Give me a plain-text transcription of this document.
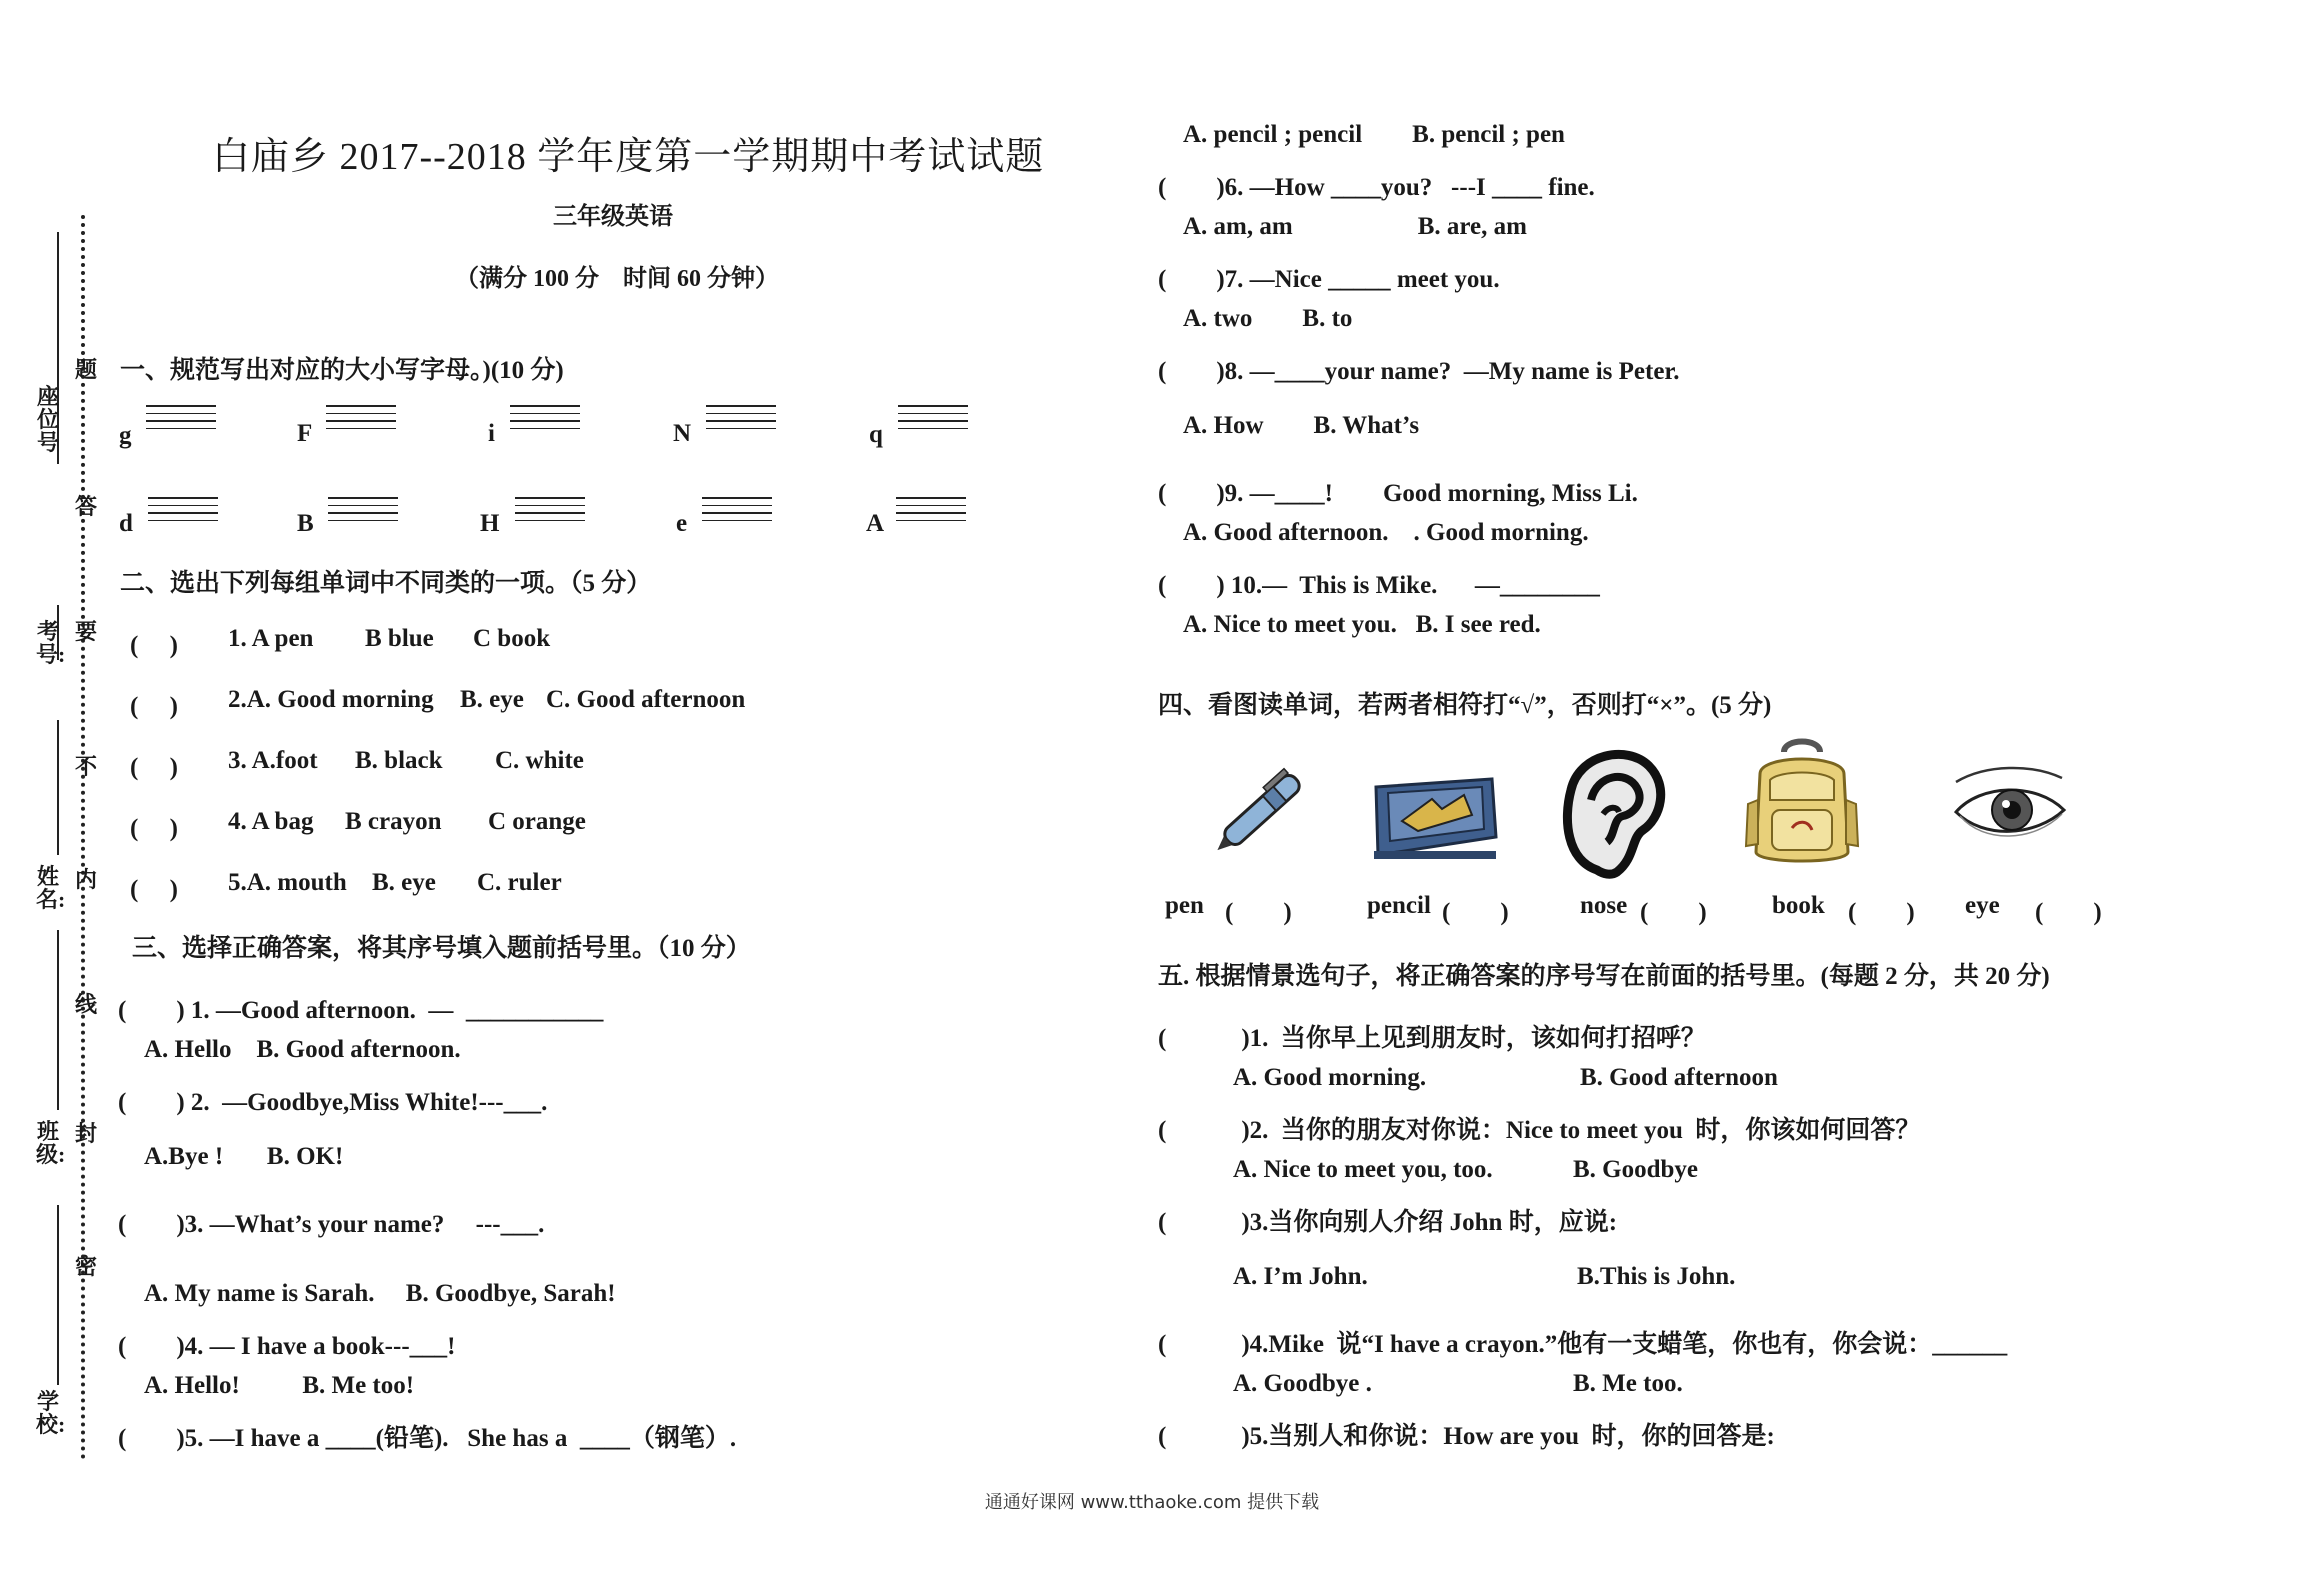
座位号
考号:
姓名:
班级:
学校:
题
答
要
不
内
线
封
密
白庙乡 2017--2018 学年度第一学期期中考试试题
三年级英语
（满分 100 分　时间 60 分钟）
一、规范写出对应的大小写字母。)(10 分)
g	F	i	N	q
d	B	H	e	A
二、选出下列每组单词中不同类的一项。（5 分）
(　 ) 1. A pen B blue C book
(　 ) 2.A. Good morning B. eye C. Good afternoon
(　 ) 3. A.foot B. black C. white
(　 ) 4. A bag B crayon C orange
(　 ) 5.A. mouth B. eye C. ruler
三、选择正确答案，将其序号填入题前括号里。（10 分）
(　　) 1. —Good afternoon.  —  ___________
A. Hello    B. Good afternoon.
(　　) 2.  —Goodbye,Miss White!---___.
A.Bye !       B. OK!
(　　)3. —What’s your name?     ---___.
A. My name is Sarah.     B. Goodbye, Sarah!
(　　)4. — I have a book---___!
A. Hello!          B. Me too!
(　　)5. —I have a ____(铅笔).   She has a  ____（钢笔）.
A. pencil ; pencil        B. pencil ; pen
(　　)6. —How ____you?   ---I ____ fine.
A. am, am                    B. are, am
(　　)7. —Nice _____ meet you.
A. two        B. to
(　　)8. —____your name?  —My name is Peter.
A. How        B. What’s
(　　)9. —____!        Good morning, Miss Li.
A. Good afternoon.    . Good morning.
(　　) 10.—  This is Mike.      —________
A. Nice to meet you.   B. I see red.
四、看图读单词，若两者相符打“√”，否则打“×”。(5 分)
pen (　　)	pencil (　　)	nose (　　)	book (　　) eye (　　)
五. 根据情景选句子，将正确答案的序号写在前面的括号里。(每题 2 分，共 20 分)
(　　　)1.  当你早上见到朋友时，该如何打招呼？
A. Good morning.	B. Good afternoon
(　　　)2.  当你的朋友对你说：Nice to meet you  时，你该如何回答？
A. Nice to meet you, too.	B. Goodbye
(　　　)3.当你向别人介绍 John 时，应说:
A. I’m John.	B.This is John.
(　　　)4.Mike  说“I have a crayon.”他有一支蜡笔，你也有，你会说：______
A. Goodbye .	B. Me too.
(　　　)5.当别人和你说：How are you  时，你的回答是:
通通好课网 www.tthaoke.com 提供下载
